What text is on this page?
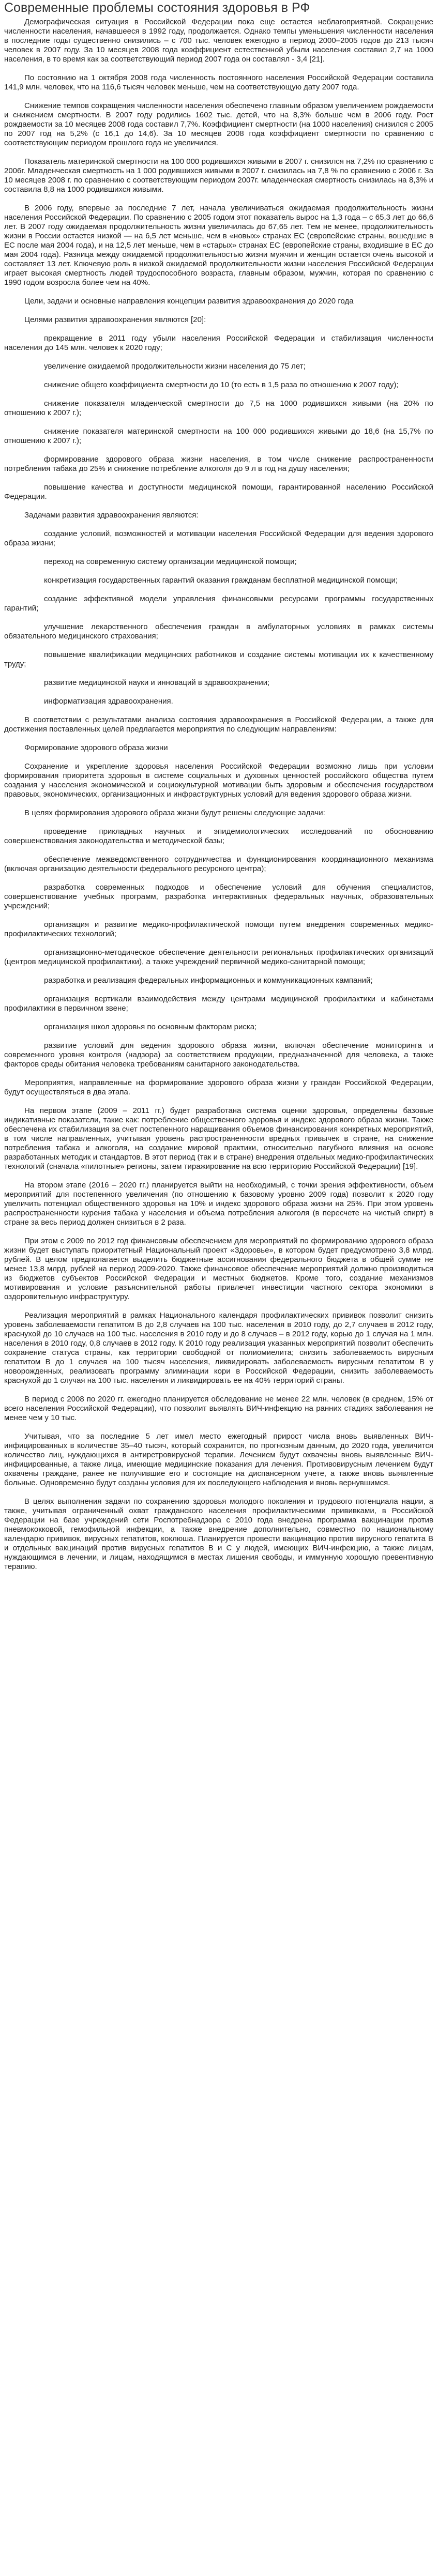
Современные проблемы состояния здоровья в РФ

Демографическая ситуация в Российской Федерации пока еще остается неблагоприятной. Сокращение численности населения, начавшееся в 1992 году, продолжается. Однако темпы уменьшения численности населения в последние годы существенно снизились – с 700 тыс. человек ежегодно в период 2000–2005 годов до 213 тысяч человек в 2007 году. За 10 месяцев 2008 года коэффициент естественной убыли населения составил 2,7 на 1000 населения, в то время как за соответствующий период 2007 года он составлял - 3,4 [21].

По состоянию на 1 октября 2008 года численность постоянного населения Российской Федерации составила 141,9 млн. человек, что на 116,6 тысяч человек меньше, чем на соответствующую дату 2007 года.

Снижение темпов сокращения численности населения обеспечено главным образом увеличением рождаемости и снижением смертности. В 2007 году родились 1602 тыс. детей, что на 8,3% больше чем в 2006 году. Рост рождаемости за 10 месяцев 2008 года составил 7,7%. Коэффициент смертности (на 1000 населения) снизился с 2005 по 2007 год на 5,2% (с 16,1 до 14,6). За 10 месяцев 2008 года коэффициент смертности по сравнению с соответствующим периодом прошлого года не увеличился.

Показатель материнской смертности на 100 000 родившихся живыми в 2007 г. снизился на 7,2% по сравнению с 2006г. Младенческая смертность на 1 000 родившихся живыми в 2007 г. снизилась на 7,8 % по сравнению с 2006 г. За 10 месяцев 2008 г. по сравнению с соответствующим периодом 2007г. младенческая смертность снизилась на 8,3% и составила 8,8 на 1000 родившихся живыми.

В 2006 году, впервые за последние 7 лет, начала увеличиваться ожидаемая продолжительность жизни населения Российской Федерации. По сравнению с 2005 годом этот показатель вырос на 1,3 года – с 65,3 лет до 66,6 лет. В 2007 году ожидаемая продолжительность жизни увеличилась до 67,65 лет. Тем не менее, продолжительность жизни в России остается низкой — на 6,5 лет меньше, чем в «новых» странах ЕС (европейские страны, вошедшие в ЕС после мая 2004 года), и на 12,5 лет меньше, чем в «старых» странах ЕС (европейские страны, входившие в ЕС до мая 2004 года). Разница между ожидаемой продолжительностью жизни мужчин и женщин остается очень высокой и составляет 13 лет. Ключевую роль в низкой ожидаемой продолжительности жизни населения Российской Федерации играет высокая смертность людей трудоспособного возраста, главным образом, мужчин, которая по сравнению с 1990 годом возросла более чем на 40%.

Цели, задачи и основные направления концепции развития здравоохранения до 2020 года

Целями развития здравоохранения являются [20]:

прекращение в 2011 году убыли населения Российской Федерации и стабилизация численности населения до 145 млн. человек к 2020 году;

увеличение ожидаемой продолжительности жизни населения до 75 лет;

снижение общего коэффициента смертности до 10 (то есть в 1,5 раза по отношению к 2007 году);

снижение показателя младенческой смертности до 7,5 на 1000 родившихся живыми (на 20% по отношению к 2007 г.);

снижение показателя материнской смертности на 100 000 родившихся живыми до 18,6 (на 15,7% по отношению к 2007 г.);

формирование здорового образа жизни населения, в том числе снижение распространенности потребления табака до 25% и снижение потребление алкоголя до 9 л в год на душу населения;

повышение качества и доступности медицинской помощи, гарантированной населению Российской Федерации.

Задачами развития здравоохранения являются:

создание условий, возможностей и мотивации населения Российской Федерации для ведения здорового образа жизни;

переход на современную систему организации медицинской помощи;

конкретизация государственных гарантий оказания гражданам бесплатной медицинской помощи;

создание эффективной модели управления финансовыми ресурсами программы государственных гарантий;

улучшение лекарственного обеспечения граждан в амбулаторных условиях в рамках системы обязательного медицинского страхования;

повышение квалификации медицинских работников и создание системы мотивации их к качественному труду;

развитие медицинской науки и инноваций в здравоохранении;

информатизация здравоохранения.

В соответствии с результатами анализа состояния здравоохранения в Российской Федерации, а также для достижения поставленных целей предлагается мероприятия по следующим направлениям:

Формирование здорового образа жизни

Сохранение и укрепление здоровья населения Российской Федерации возможно лишь при условии формирования приоритета здоровья в системе социальных и духовных ценностей российского общества путем создания у населения экономической и социокультурной мотивации быть здоровым и обеспечения государством правовых, экономических, организационных и инфраструктурных условий для ведения здорового образа жизни.

В целях формирования здорового образа жизни будут решены следующие задачи:

проведение прикладных научных и эпидемиологических исследований по обоснованию совершенствования законодательства и методической базы;

обеспечение межведомственного сотрудничества и функционирования координационного механизма (включая организацию деятельности федерального ресурсного центра);

разработка современных подходов и обеспечение условий для обучения специалистов, совершенствование учебных программ, разработка интерактивных федеральных научных, образовательных учреждений;

организация и развитие медико-профилактической помощи путем внедрения современных медико-профилактических технологий;

организационно-методическое обеспечение деятельности региональных профилактических организаций (центров медицинской профилактики), а также учреждений первичной медико-санитарной помощи;

разработка и реализация федеральных информационных и коммуникационных кампаний;

организация вертикали взаимодействия между центрами медицинской профилактики и кабинетами профилактики в первичном звене;

организация школ здоровья по основным факторам риска;

развитие условий для ведения здорового образа жизни, включая обеспечение мониторинга и современного уровня контроля (надзора) за соответствием продукции, предназначенной для человека, а также факторов среды обитания человека требованиям санитарного законодательства.

Мероприятия, направленные на формирование здорового образа жизни у граждан Российской Федерации, будут осуществляться в два этапа.

На первом этапе (2009 – 2011 гг.) будет разработана система оценки здоровья, определены базовые индикативные показатели, такие как: потребление общественного здоровья и индекс здорового образа жизни. Также обеспечена их стабилизация за счет постепенного наращивания объемов финансирования конкретных мероприятий, в том числе направленных, учитывая уровень распространенности вредных привычек в стране, на снижение потребления табака и алкоголя, на создание мировой практики, относительно пагубного влияния на основе разработанных методик и стандартов. В этот период (так и в стране) внедрения отдельных медико-профилактических технологий (сначала «пилотные» регионы, затем тиражирование на всю территорию Российской Федерации) [19].

На втором этапе (2016 – 2020 гг.) планируется выйти на необходимый, с точки зрения эффективности, объем мероприятий для постепенного увеличения (по отношению к базовому уровню 2009 года) позволит к 2020 году увеличить потенциал общественного здоровья на 10% и индекс здорового образа жизни на 25%. При этом уровень распространенности курения табака у населения и объема потребления алкоголя (в пересчете на чистый спирт) в стране за весь период должен снизиться в 2 раза.

При этом с 2009 по 2012 год финансовым обеспечением для мероприятий по формированию здорового образа жизни будет выступать приоритетный Национальный проект «Здоровье», в котором будет предусмотрено 3,8 млрд. рублей. В целом предполагается выделить бюджетные ассигнования федерального бюджета в общей сумме не менее 13,8 млрд. рублей на период 2009-2020. Также финансовое обеспечение мероприятий должно производиться из бюджетов субъектов Российской Федерации и местных бюджетов. Кроме того, создание механизмов мотивирования и условие разъяснительной работы привлечет инвестиции частного сектора экономики в оздоровительную инфраструктуру.

Реализация мероприятий в рамках Национального календаря профилактических прививок позволит снизить уровень заболеваемости гепатитом В до 2,8 случаев на 100 тыс. населения в 2010 году, до 2,7 случаев в 2012 году, краснухой до 10 случаев на 100 тыс. населения в 2010 году и до 8 случаев – в 2012 году, корью до 1 случая на 1 млн. населения в 2010 году, 0,8 случаев в 2012 году. К 2010 году реализация указанных мероприятий позволит обеспечить сохранение статуса страны, как территории свободной от полиомиелита; снизить заболеваемость вирусным гепатитом В до 1 случаев на 100 тысяч населения, ликвидировать заболеваемость вирусным гепатитом В у новорожденных, реализовать программу элиминации кори в Российской Федерации, снизить заболеваемость краснухой до 1 случая на 100 тыс. населения и ликвидировать ее на 40% территорий страны.

В период с 2008 по 2020 гг. ежегодно планируется обследование не менее 22 млн. человек (в среднем, 15% от всего населения Российской Федерации), что позволит выявлять ВИЧ-инфекцию на ранних стадиях заболевания не менее чем у 10 тыс.

Учитывая, что за последние 5 лет имел место ежегодный прирост числа вновь выявленных ВИЧ-инфицированных в количестве 35–40 тысяч, который сохранится, по прогнозным данным, до 2020 года, увеличится количество лиц, нуждающихся в антиретровирусной терапии. Лечением будут охвачены вновь выявленные ВИЧ-инфицированные, а также лица, имеющие медицинские показания для лечения. Противовирусным лечением будут охвачены граждане, ранее не получившие его и состоящие на диспансерном учете, а также вновь выявленные больные. Одновременно будут созданы условия для их последующего наблюдения и вновь вернувшимся.

В целях выполнения задачи по сохранению здоровья молодого поколения и трудового потенциала нации, а также, учитывая ограниченный охват гражданского населения профилактическими прививками, в Российской Федерации на базе учреждений сети Роспотребнадзора с 2010 года внедрена программа вакцинации против пневмококковой, гемофильной инфекции, а также внедрение дополнительно, совместно по национальному календарю прививок, вирусных гепатитов, коклюша. Планируется провести вакцинацию против вирусного гепатита В и отдельных вакцинаций против вирусных гепатитов B и C у людей, имеющих ВИЧ-инфекцию, а также лицам, нуждающимся в лечении, и лицам, находящимся в местах лишения свободы, и иммунную хорошую превентивную терапию.
